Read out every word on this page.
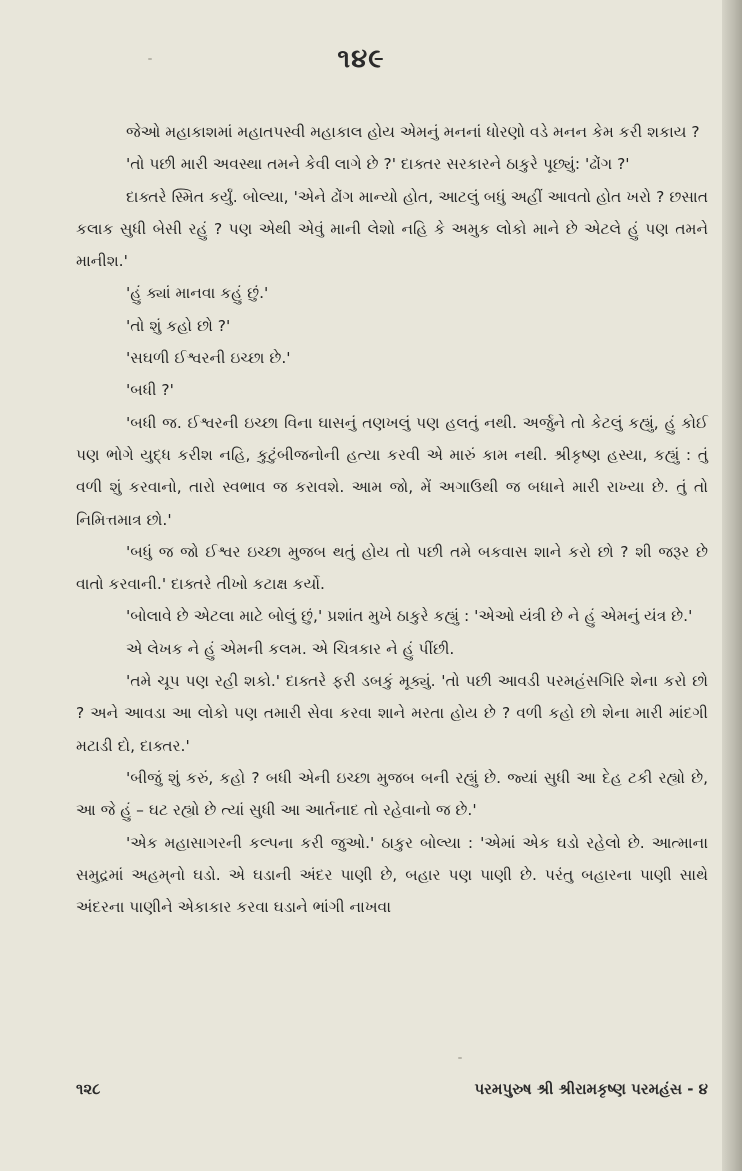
૧૪૯

જેઓ મહાકાશમાં મહાતપસ્વી મહાકાલ હોય એમનું મનનાં ધોરણો વડે મનન કેમ કરી શકાય ?

'તો પછી મારી અવસ્થા તમને કેવી લાગે છે ?' દાક્તર સરકારને ઠાકુરે પૂછ્યું: 'ઢોંગ ?'

દાક્તરે સ્મિત કર્યું. બોલ્યા, 'એને ઢોંગ માન્યો હોત, આટલું બધું અહીં આવતો હોત ખરો ? છસાત કલાક સુધી બેસી રહું ? પણ એથી એવું માની લેશો નહિ કે અમુક લોકો માને છે એટલે હું પણ તમને માનીશ.'

'હું ક્યાં માનવા કહું છું.'

'તો શું કહો છો ?'

'સઘળી ઈશ્વરની ઇચ્છા છે.'

'બધી ?'

'બધી જ. ઈશ્વરની ઇચ્છા વિના ઘાસનું તણખલું પણ હલતું નથી. અર્જુને તો કેટલું કહ્યું, હું કોઈ પણ ભોગે યુદ્ધ કરીશ નહિ, કુટુંબીજનોની હત્યા કરવી એ મારું કામ નથી. શ્રીકૃષ્ણ હસ્યા, કહ્યું : તું વળી શું કરવાનો, તારો સ્વભાવ જ કરાવશે. આમ જો, મેં અગાઉથી જ બધાને મારી રાખ્યા છે. તું તો નિમિત્તમાત્ર છો.'

'બધું જ જો ઈશ્વર ઇચ્છા મુજબ થતું હોય તો પછી તમે બકવાસ શાને કરો છો ? શી જરૂર છે વાતો કરવાની.' દાક્તરે તીખો કટાક્ષ કર્યો.

'બોલાવે છે એટલા માટે બોલું છું,' પ્રશાંત મુખે ઠાકુરે કહ્યું : 'એઓ યંત્રી છે ને હું એમનું યંત્ર છે.'

એ લેખક ને હું એમની કલમ. એ ચિત્રકાર ને હું પીંછી.

'તમે ચૂપ પણ રહી શકો.' દાક્તરે ફરી ડબકું મૂક્યું. 'તો પછી આવડી પરમહંસગિરિ શેના કરો છો ? અને આવડા આ લોકો પણ તમારી સેવા કરવા શાને મરતા હોય છે ? વળી કહો છો શેના મારી માંદગી મટાડી દો, દાક્તર.'

'બીજું શું કરું, કહો ? બધી એની ઇચ્છા મુજબ બની રહ્યું છે. જ્યાં સુધી આ દેહ ટકી રહ્યો છે, આ જે હું – ઘટ રહ્યો છે ત્યાં સુધી આ આર્તનાદ તો રહેવાનો જ છે.'

'એક મહાસાગરની કલ્પના કરી જુઓ.' ઠાકુર બોલ્યા : 'એમાં એક ઘડો રહેલો છે. આત્માના સમુદ્રમાં અહમ્‌નો ઘડો. એ ઘડાની અંદર પાણી છે, બહાર પણ પાણી છે. પરંતુ બહારના પાણી સાથે અંદરના પાણીને એકાકાર કરવા ઘડાને ભાંગી નાખવા

૧૨૮	પરમપુરુષ શ્રી શ્રીરામકૃષ્ણ પરમહંસ - ૪
